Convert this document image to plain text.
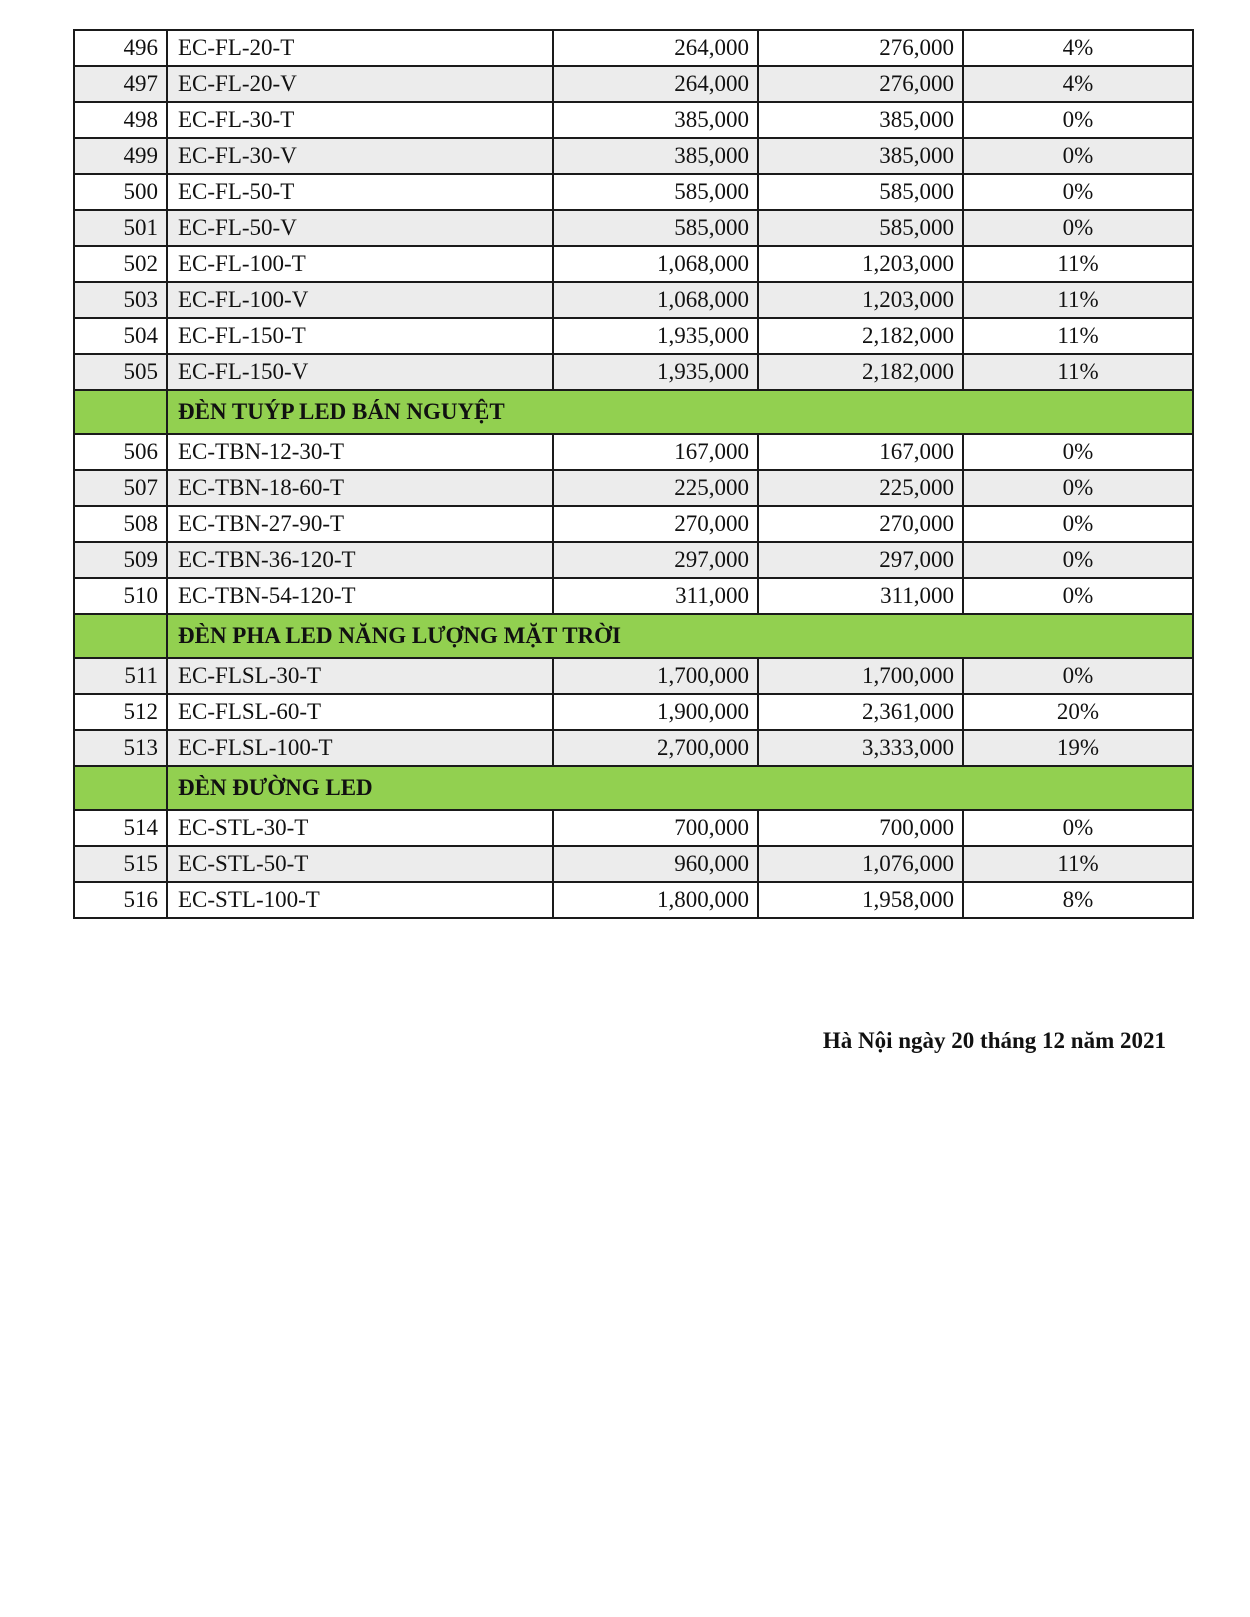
496	EC-FL-20-T	264,000	276,000	4%
497	EC-FL-20-V	264,000	276,000	4%
498	EC-FL-30-T	385,000	385,000	0%
499	EC-FL-30-V	385,000	385,000	0%
500	EC-FL-50-T	585,000	585,000	0%
501	EC-FL-50-V	585,000	585,000	0%
502	EC-FL-100-T	1,068,000	1,203,000	11%
503	EC-FL-100-V	1,068,000	1,203,000	11%
504	EC-FL-150-T	1,935,000	2,182,000	11%
505	EC-FL-150-V	1,935,000	2,182,000	11%
	ĐÈN TUÝP LED BÁN NGUYỆT			
506	EC-TBN-12-30-T	167,000	167,000	0%
507	EC-TBN-18-60-T	225,000	225,000	0%
508	EC-TBN-27-90-T	270,000	270,000	0%
509	EC-TBN-36-120-T	297,000	297,000	0%
510	EC-TBN-54-120-T	311,000	311,000	0%
	ĐÈN PHA LED NĂNG LƯỢNG MẶT TRỜI			
511	EC-FLSL-30-T	1,700,000	1,700,000	0%
512	EC-FLSL-60-T	1,900,000	2,361,000	20%
513	EC-FLSL-100-T	2,700,000	3,333,000	19%
	ĐÈN ĐƯỜNG LED			
514	EC-STL-30-T	700,000	700,000	0%
515	EC-STL-50-T	960,000	1,076,000	11%
516	EC-STL-100-T	1,800,000	1,958,000	8%
Hà Nội ngày 20 tháng 12 năm 2021
